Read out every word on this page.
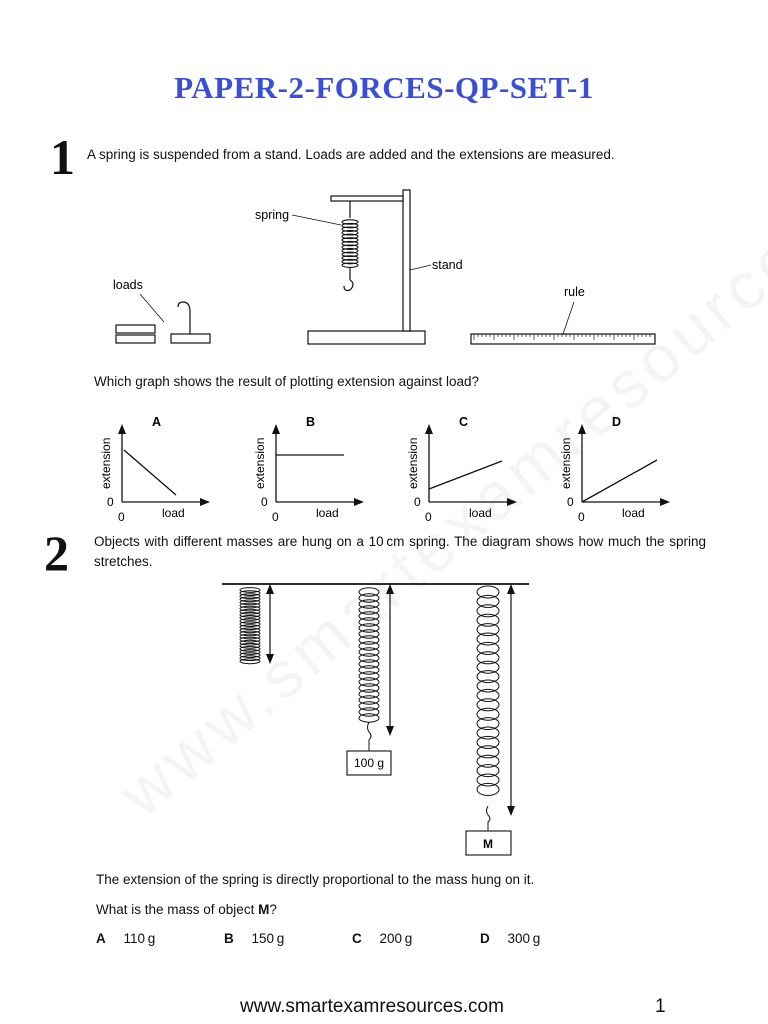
PAPER-2-FORCES-QP-SET-1
1 A spring is suspended from a stand. Loads are added and the extensions are measured.
spring
stand
loads	rule
Which graph shows the result of plotting extension against load?
A
extension
0
0	load
B
extension
0
0	load
C
extension
0
0	load
D
extension
0
0	load
2 Objects with different masses are hung on a 10 cm spring. The diagram shows how much the spring stretches.
100 g
M
The extension of the spring is directly proportional to the mass hung on it.
What is the mass of object M?
A 110 g	B 150 g	C 200 g	D 300 g
www.smartexamresources.com	1
